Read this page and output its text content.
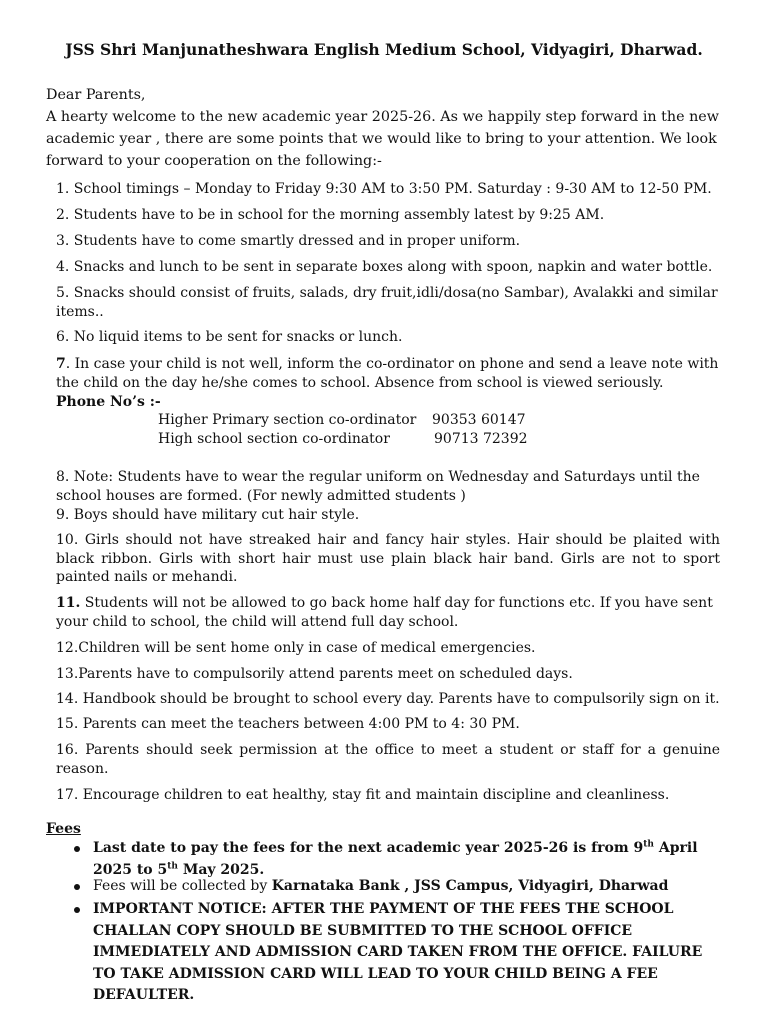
JSS Shri Manjunatheshwara English Medium School, Vidyagiri, Dharwad.

Dear Parents,

A hearty welcome to the new academic year 2025-26. As we happily step forward in the new academic year , there are some points that we would like to bring to your attention. We look forward to your cooperation on the following:-

1. School timings – Monday to Friday 9:30 AM to 3:50 PM. Saturday : 9-30 AM to 12-50 PM.

2. Students have to be in school for the morning assembly latest by 9:25 AM.

3. Students have to come smartly dressed and in proper uniform.

4. Snacks and lunch to be sent in separate boxes along with spoon, napkin and water bottle.

5. Snacks should consist of fruits, salads, dry fruit,idli/dosa(no Sambar), Avalakki and similar items..

6. No liquid items to be sent for snacks or lunch.

7. In case your child is not well, inform the co-ordinator on phone and send a leave note with the child on the day he/she comes to school. Absence from school is viewed seriously.

Phone No’s :-
Higher Primary section co-ordinator 90353 60147
High school section co-ordinator	90713 72392

8. Note: Students have to wear the regular uniform on Wednesday and Saturdays until the school houses are formed. (For newly admitted students )

9. Boys should have military cut hair style.

10. Girls should not have streaked hair and fancy hair styles. Hair should be plaited with black ribbon. Girls with short hair must use plain black hair band. Girls are not to sport painted nails or mehandi.

11. Students will not be allowed to go back home half day for functions etc. If you have sent your child to school, the child will attend full day school.

12.Children will be sent home only in case of medical emergencies.

13.Parents have to compulsorily attend parents meet on scheduled days.

14. Handbook should be brought to school every day. Parents have to compulsorily sign on it.

15. Parents can meet the teachers between 4:00 PM to 4: 30 PM.

16. Parents should seek permission at the office to meet a student or staff for a genuine reason.

17. Encourage children to eat healthy, stay fit and maintain discipline and cleanliness.

Fees
Last date to pay the fees for the next academic year 2025-26 is from 9th April 2025 to 5th May 2025.
Fees will be collected by Karnataka Bank , JSS Campus, Vidyagiri, Dharwad
IMPORTANT NOTICE: AFTER THE PAYMENT OF THE FEES THE SCHOOL CHALLAN COPY SHOULD BE SUBMITTED TO THE SCHOOL OFFICE IMMEDIATELY AND ADMISSION CARD TAKEN FROM THE OFFICE. FAILURE TO TAKE ADMISSION CARD WILL LEAD TO YOUR CHILD BEING A FEE DEFAULTER.
